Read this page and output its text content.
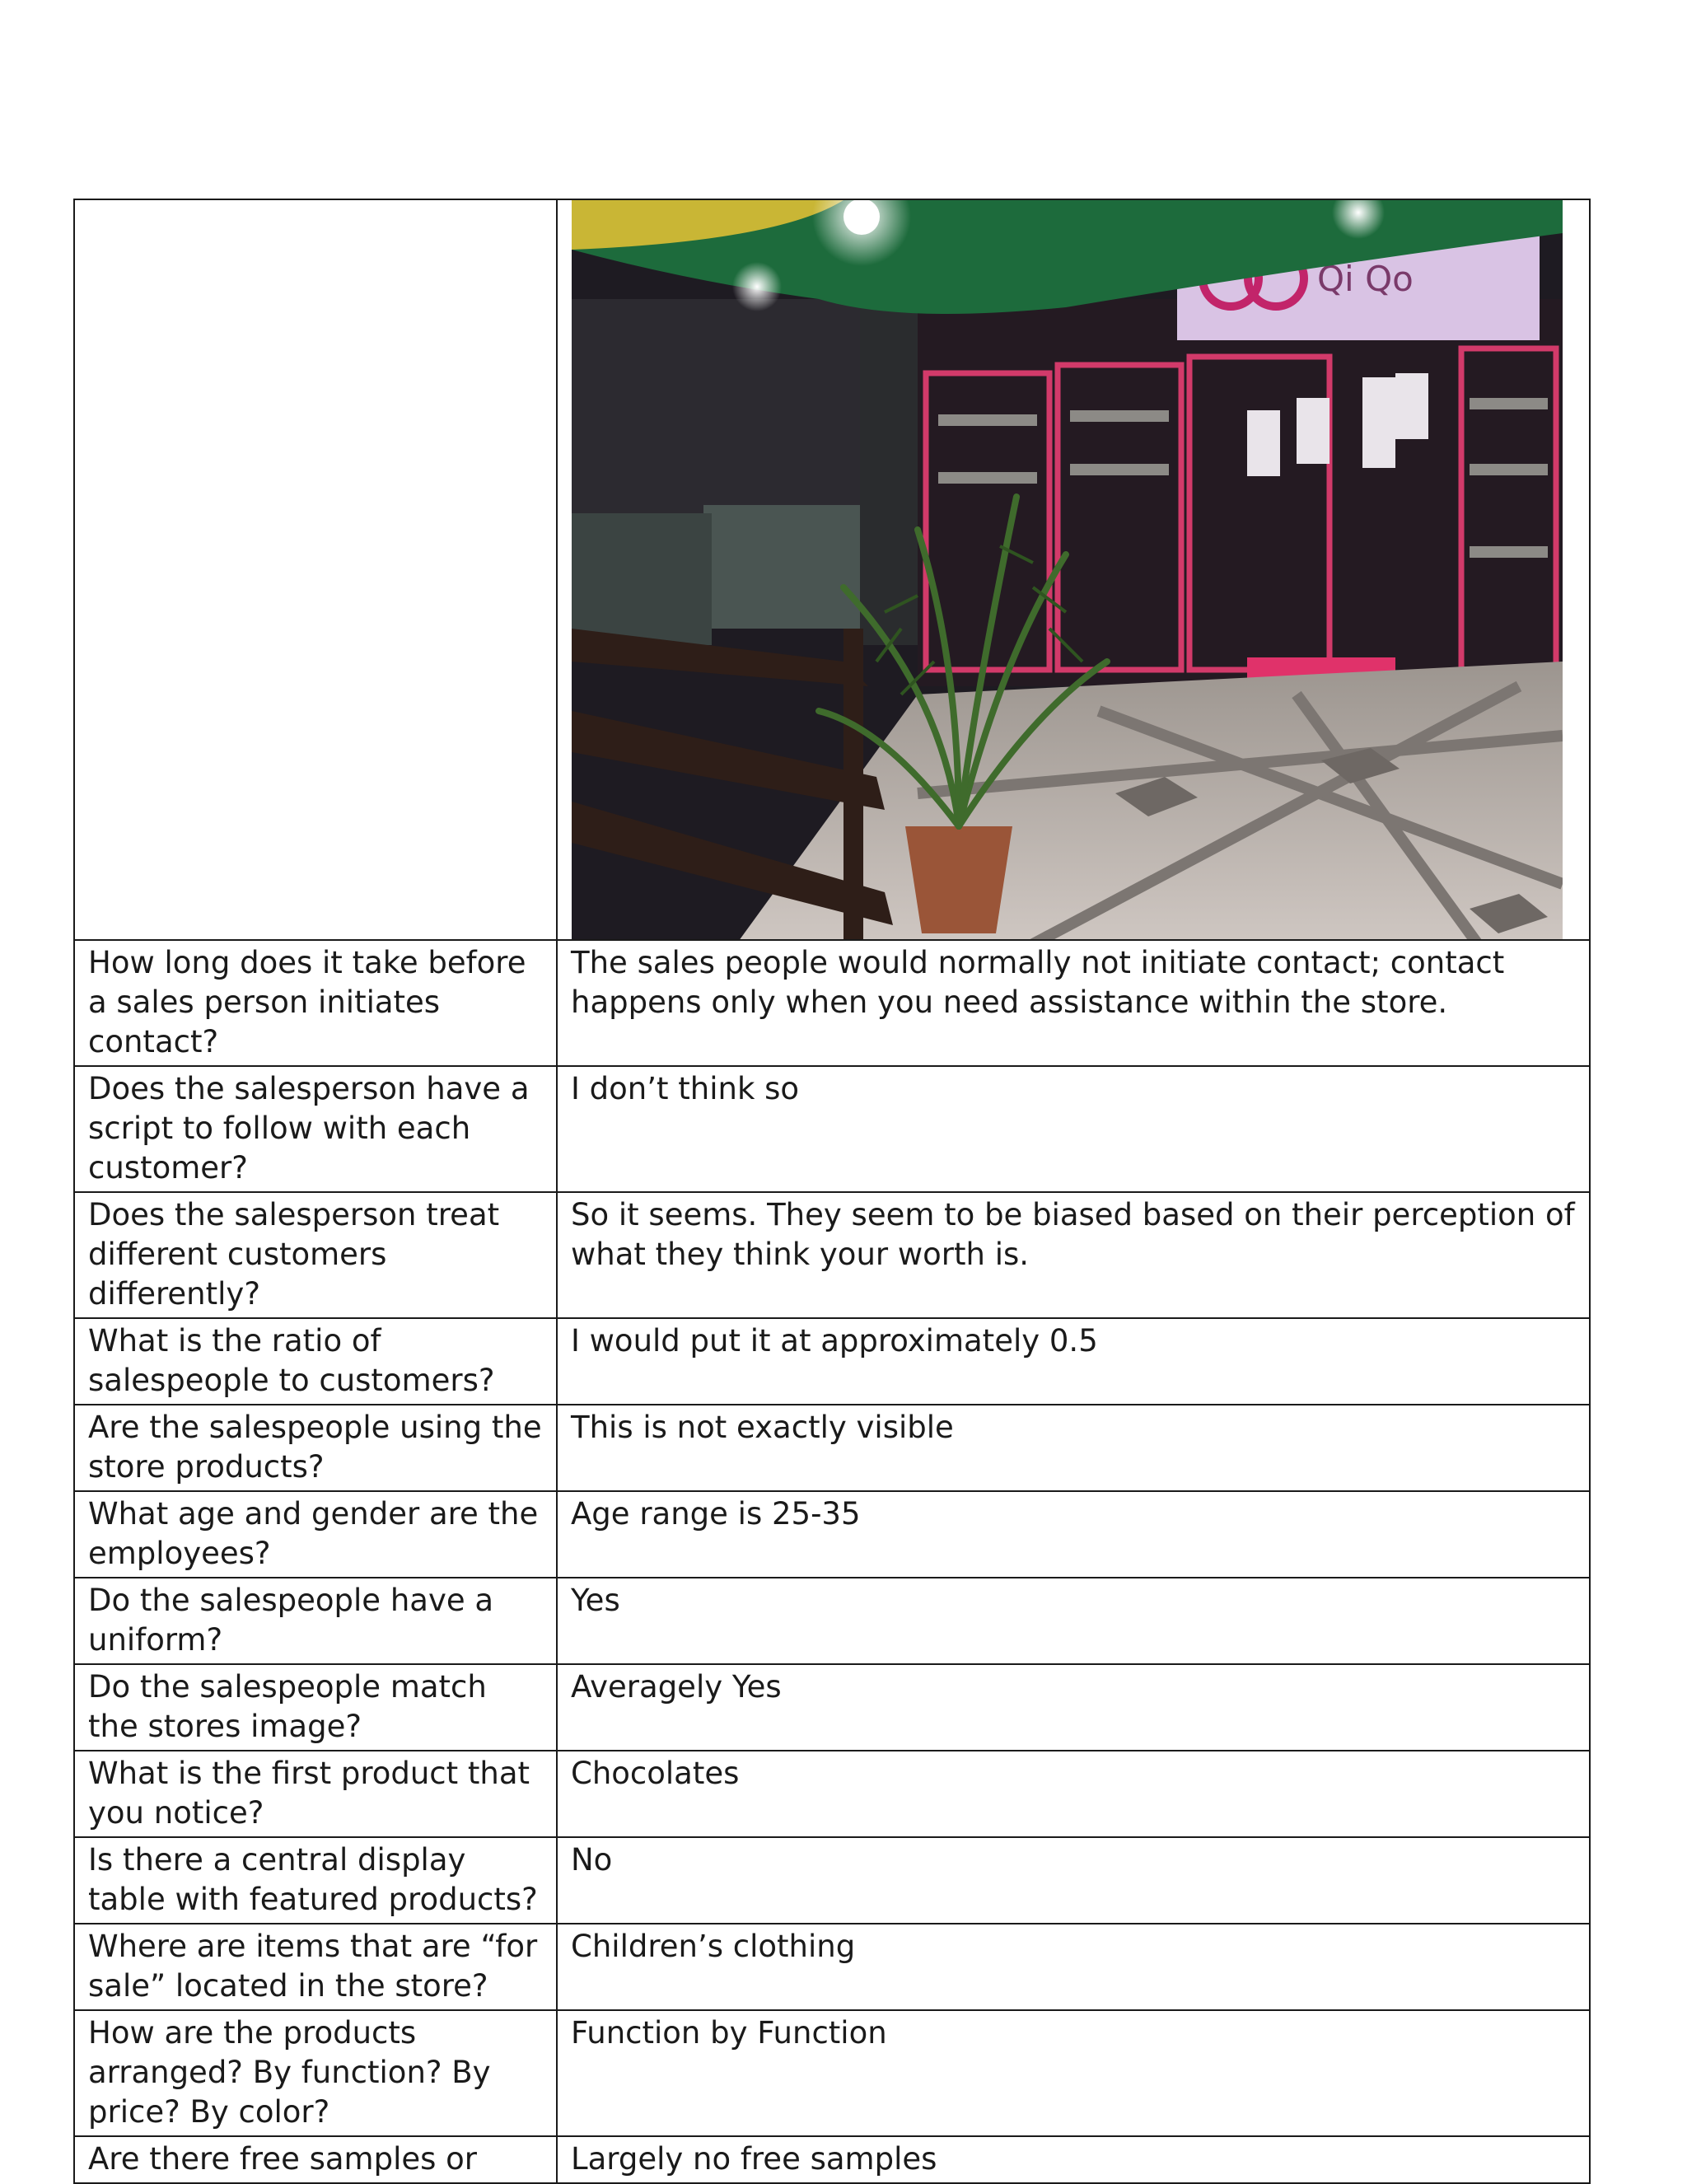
Qi Qo

How long does it take before a sales person initiates contact?	The sales people would normally not initiate contact; contact happens only when you need assistance within the store.
Does the salesperson have a script to follow with each customer?	I don’t think so
Does the salesperson treat different customers differently?	So it seems. They seem to be biased based on their perception of what they think your worth is.
What is the ratio of salespeople to customers?	I would put it at approximately 0.5
Are the salespeople using the store products?	This is not exactly visible
What age and gender are the employees?	Age range is 25-35
Do the salespeople have a uniform?	Yes
Do the salespeople match the stores image?	Averagely Yes
What is the first product that you notice?	Chocolates
Is there a central display table with featured products?	No
Where are items that are “for sale” located in the store?	Children’s clothing
How are the products arranged? By function? By price? By color?	Function by Function
Are there free samples or	Largely no free samples
